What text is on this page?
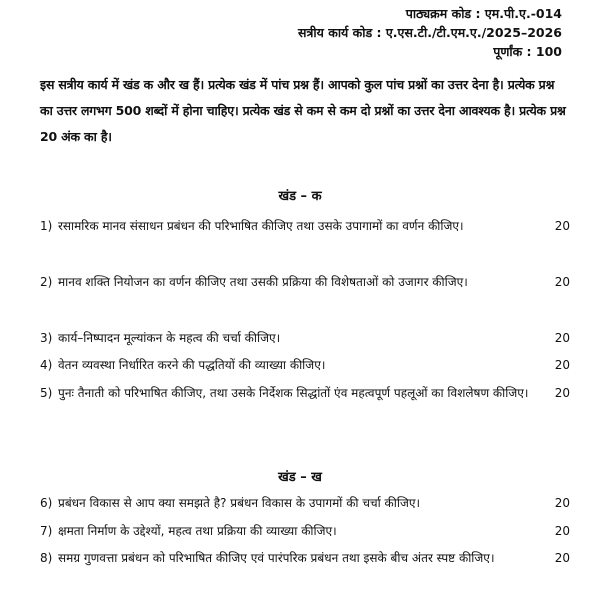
पाठ्यक्रम कोड : एम.पी.ए.-014
सत्रीय कार्य कोड : ए.एस.टी./टी.एम.ए./2025–2026
पूर्णांक : 100
इस सत्रीय कार्य में खंड क और ख हैं। प्रत्येक खंड में पांच प्रश्न हैं। आपको कुल पांच प्रश्नों का उत्तर देना है। प्रत्येक प्रश्न का उत्तर लगभग 500 शब्दों में होना चाहिए। प्रत्येक खंड से कम से कम दो प्रश्नों का उत्तर देना आवश्यक है। प्रत्येक प्रश्न 20 अंक का है।
खंड – क
1) रसामरिक मानव संसाधन प्रबंधन की परिभाषित कीजिए तथा उसके उपागामों का वर्णन कीजिए।	20
2) मानव शक्ति नियोजन का वर्णन कीजिए तथा उसकी प्रक्रिया की विशेषताओं को उजागर कीजिए।	20
3) कार्य–निष्पादन मूल्यांकन के महत्व की चर्चा कीजिए।	20
4) वेतन व्यवस्था निर्धारित करने की पद्धतियों की व्याख्या कीजिए।	20
5) पुनः तैनाती को परिभाषित कीजिए, तथा उसके निर्देशक सिद्धांतों एंव महत्वपूर्ण पहलूओं का विशलेषण कीजिए।	20
खंड – ख
6) प्रबंधन विकास से आप क्या समझते है? प्रबंधन विकास के उपागमों की चर्चा कीजिए।	20
7) क्षमता निर्माण के उद्देश्यों, महत्व तथा प्रक्रिया की व्याख्या कीजिए।	20
8) समग्र गुणवत्ता प्रबंधन को परिभाषित कीजिए एवं पारंपरिक प्रबंधन तथा इसके बीच अंतर स्पष्ट कीजिए।	20
